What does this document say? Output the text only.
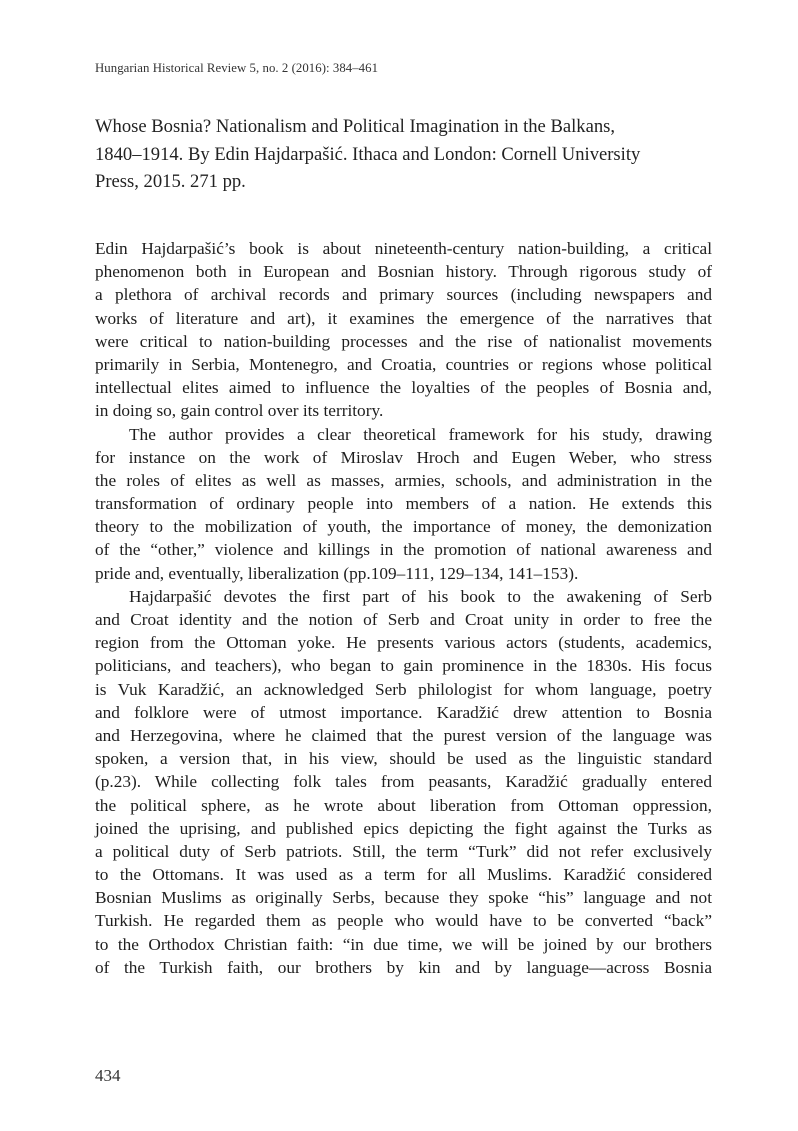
Hungarian Historical Review 5, no. 2 (2016): 384–461
Whose Bosnia? Nationalism and Political Imagination in the Balkans,
1840–1914. By Edin Hajdarpašić. Ithaca and London: Cornell University
Press, 2015. 271 pp.
Edin Hajdarpašić’s book is about nineteenth-century nation-building, a critical
phenomenon both in European and Bosnian history. Through rigorous study of
a plethora of archival records and primary sources (including newspapers and
works of literature and art), it examines the emergence of the narratives that
were critical to nation-building processes and the rise of nationalist movements
primarily in Serbia, Montenegro, and Croatia, countries or regions whose political
intellectual elites aimed to influence the loyalties of the peoples of Bosnia and,
in doing so, gain control over its territory.
The author provides a clear theoretical framework for his study, drawing
for instance on the work of Miroslav Hroch and Eugen Weber, who stress
the roles of elites as well as masses, armies, schools, and administration in the
transformation of ordinary people into members of a nation. He extends this
theory to the mobilization of youth, the importance of money, the demonization
of the “other,” violence and killings in the promotion of national awareness and
pride and, eventually, liberalization (pp.109–111, 129–134, 141–153).
Hajdarpašić devotes the first part of his book to the awakening of Serb
and Croat identity and the notion of Serb and Croat unity in order to free the
region from the Ottoman yoke. He presents various actors (students, academics,
politicians, and teachers), who began to gain prominence in the 1830s. His focus
is Vuk Karadžić, an acknowledged Serb philologist for whom language, poetry
and folklore were of utmost importance. Karadžić drew attention to Bosnia
and Herzegovina, where he claimed that the purest version of the language was
spoken, a version that, in his view, should be used as the linguistic standard
(p.23). While collecting folk tales from peasants, Karadžić gradually entered
the political sphere, as he wrote about liberation from Ottoman oppression,
joined the uprising, and published epics depicting the fight against the Turks as
a political duty of Serb patriots. Still, the term “Turk” did not refer exclusively
to the Ottomans. It was used as a term for all Muslims. Karadžić considered
Bosnian Muslims as originally Serbs, because they spoke “his” language and not
Turkish. He regarded them as people who would have to be converted “back”
to the Orthodox Christian faith: “in due time, we will be joined by our brothers
of the Turkish faith, our brothers by kin and by language—across Bosnia
434
